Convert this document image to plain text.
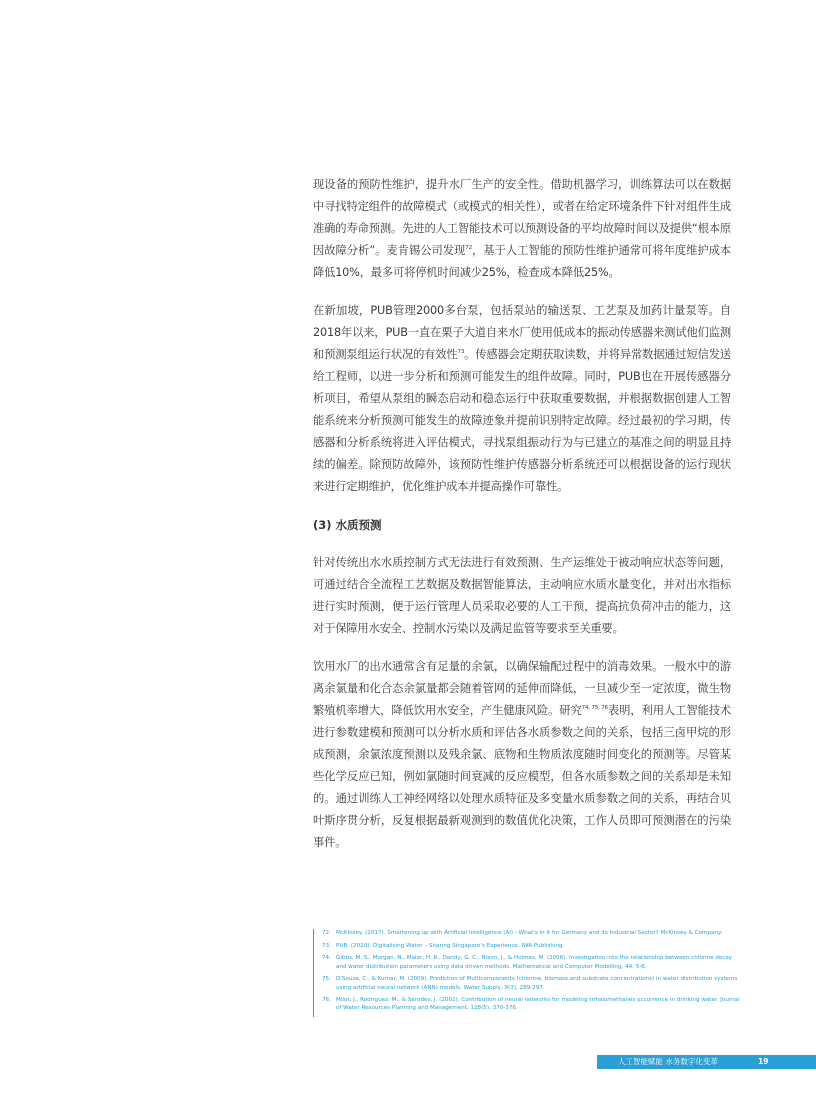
现设备的预防性维护，提升水厂生产的安全性。借助机器学习，训练算法可以在数据中寻找特定组件的故障模式（或模式的相关性），或者在给定环境条件下针对组件生成准确的寿命预测。先进的人工智能技术可以预测设备的平均故障时间以及提供“根本原因故障分析”。麦肯锡公司发现$^{72}$，基于人工智能的预防性维护通常可将年度维护成本降低10%，最多可将停机时间减少25%，检查成本降低25%。

在新加坡，PUB管理2000多台泵，包括泵站的输送泵、工艺泵及加药计量泵等。自2018年以来，PUB一直在栗子大道自来水厂使用低成本的振动传感器来测试他们监测和预测泵组运行状况的有效性$^{73}$。传感器会定期获取读数，并将异常数据通过短信发送给工程师，以进一步分析和预测可能发生的组件故障。同时，PUB也在开展传感器分析项目，希望从泵组的瞬态启动和稳态运行中获取重要数据，并根据数据创建人工智能系统来分析预测可能发生的故障迹象并提前识别特定故障。经过最初的学习期，传感器和分析系统将进入评估模式，寻找泵组振动行为与已建立的基准之间的明显且持续的偏差。除预防故障外，该预防性维护传感器分析系统还可以根据设备的运行现状来进行定期维护，优化维护成本并提高操作可靠性。

(3) 水质预测

针对传统出水水质控制方式无法进行有效预测、生产运维处于被动响应状态等问题，可通过结合全流程工艺数据及数据智能算法，主动响应水质水量变化，并对出水指标进行实时预测，便于运行管理人员采取必要的人工干预，提高抗负荷冲击的能力，这对于保障用水安全、控制水污染以及满足监管等要求至关重要。

饮用水厂的出水通常含有足量的余氯，以确保输配过程中的消毒效果。一般水中的游离余氯量和化合态余氯量都会随着管网的延伸而降低，一旦减少至一定浓度，微生物繁殖机率增大，降低饮用水安全，产生健康风险。研究$^{74, 75, 76}$表明，利用人工智能技术进行参数建模和预测可以分析水质和评估各水质参数之间的关系，包括三卤甲烷的形成预测，余氯浓度预测以及残余氯、底物和生物质浓度随时间变化的预测等。尽管某些化学反应已知，例如氯随时间衰减的反应模型，但各水质参数之间的关系却是未知的。通过训练人工神经网络以处理水质特征及多变量水质参数之间的关系，再结合贝叶斯序贯分析，反复根据最新观测到的数值优化决策，工作人员即可预测潜在的污染事件。

72. McKinsey. (2017). Smartening up with Artificial Intelligence (AI) - What's in it for Germany and its Industrial Sector? McKinsey & Company.
73. PUB. (2020). Digitalising Water – Sharing Singapore's Experience. IWA Publishing.
74. Gibbs, M. S., Morgan, N., Maier, H. R., Dandy, G. C., Nixon, J., & Holmes, M. (2006). Investigation into the relationship between chlorine decay and water distribution parameters using data driven methods. Mathematical and Computer Modelling, 44, 5-6.
75. D'Souza, C., & Kumar, M. (2009). Prediction of Multicomponents (chlorine, biomass and substrate concentrations) in water distribution systems using artificial neural network (ANN) models. Water Supply, 9(3), 289-297.
76. Milot, J., Rodriguez, M., & Sérodes, J. (2002). Contribution of neural networks for modeling trihalomethanes occurrence in drinking water. Journal of Water Resources Planning and Management, 128(5), 370-376.
人工智能赋能 水务数字化变革	19
